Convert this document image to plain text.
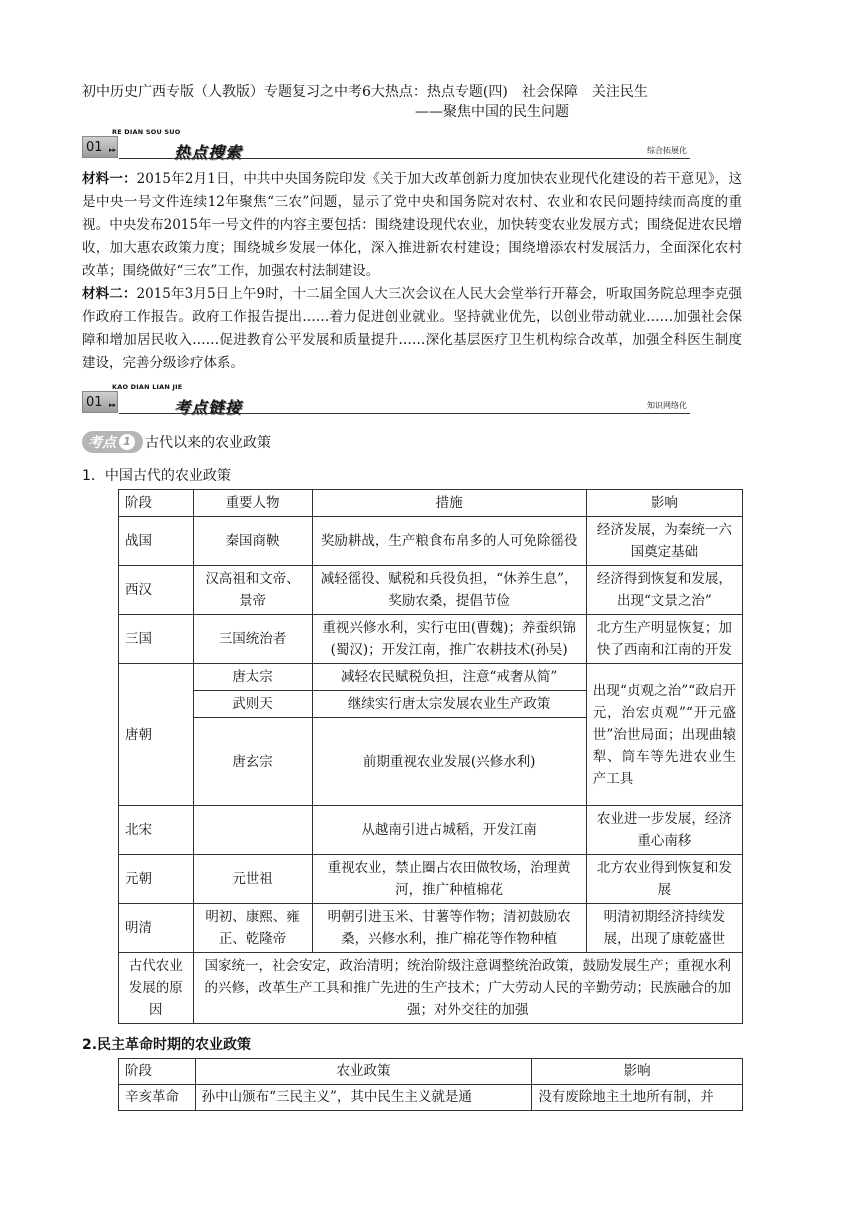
初中历史广西专版（人教版）专题复习之中考6大热点：热点专题(四)　社会保障　关注民生
——聚焦中国的民生问题
01 ▸▸
RE DIAN SOU SUO
热点搜索	综合拓展化

材料一：2015年2月1日，中共中央国务院印发《关于加大改革创新力度加快农业现代化建设的若干意见》，这是中央一号文件连续12年聚焦“三农”问题，显示了党中央和国务院对农村、农业和农民问题持续而高度的重视。中央发布2015年一号文件的内容主要包括：围绕建设现代农业，加快转变农业发展方式；围绕促进农民增收，加大惠农政策力度；围绕城乡发展一体化，深入推进新农村建设；围绕增添农村发展活力，全面深化农村改革；围绕做好“三农”工作，加强农村法制建设。

材料二：2015年3月5日上午9时，十二届全国人大三次会议在人民大会堂举行开幕会，听取国务院总理李克强作政府工作报告。政府工作报告提出……着力促进创业就业。坚持就业优先，以创业带动就业……加强社会保障和增加居民收入……促进教育公平发展和质量提升……深化基层医疗卫生机构综合改革，加强全科医生制度建设，完善分级诊疗体系。

01 ▸▸
KAO DIAN LIAN JIE
考点链接	知识网络化
考点 1 古代以来的农业政策
1．中国古代的农业政策
阶段	重要人物	措施	影响
战国	秦国商鞅	奖励耕战，生产粮食布帛多的人可免除徭役	经济发展，为秦统一六国奠定基础
西汉	汉高祖和文帝、景帝	减轻徭役、赋税和兵役负担，“休养生息”，奖励农桑，提倡节俭	经济得到恢复和发展，出现“文景之治”
三国	三国统治者	重视兴修水利，实行屯田(曹魏)；养蚕织锦(蜀汉)；开发江南，推广农耕技术(孙吴)	北方生产明显恢复；加快了西南和江南的开发
唐朝	唐太宗	减轻农民赋税负担，注意“戒奢从简”	出现“贞观之治”“政启开元，治宏贞观”“开元盛世”治世局面；出现曲辕犁、筒车等先进农业生产工具
	武则天	继续实行唐太宗发展农业生产政策	
	唐玄宗	前期重视农业发展(兴修水利)	
北宋		从越南引进占城稻，开发江南	农业进一步发展，经济重心南移
元朝	元世祖	重视农业，禁止圈占农田做牧场，治理黄河，推广种植棉花	北方农业得到恢复和发展
明清	明初、康熙、雍正、乾隆帝	明朝引进玉米、甘薯等作物；清初鼓励农桑，兴修水利，推广棉花等作物种植	明清初期经济持续发展，出现了康乾盛世
古代农业发展的原因	国家统一，社会安定，政治清明；统治阶级注意调整统治政策，鼓励发展生产；重视水利的兴修，改革生产工具和推广先进的生产技术；广大劳动人民的辛勤劳动；民族融合的加强；对外交往的加强		
2.民主革命时期的农业政策
阶段	农业政策	影响
辛亥革命	孙中山颁布“三民主义”，其中民生主义就是通	没有废除地主土地所有制，并
